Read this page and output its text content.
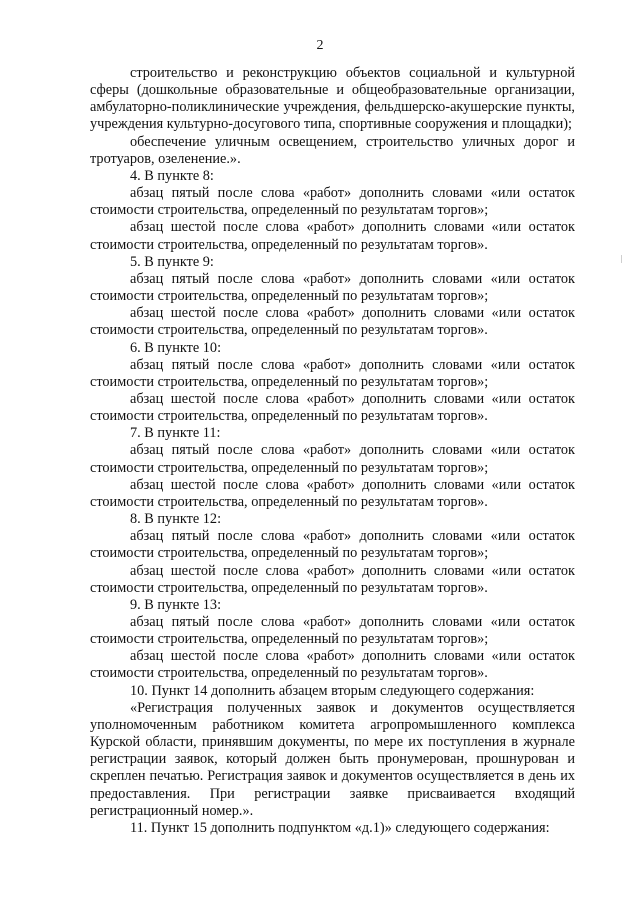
2

строительство и реконструкцию объектов социальной и культурной сферы (дошкольные образовательные и общеобразовательные организации, амбулаторно-поликлинические учреждения, фельдшерско-акушерские пункты, учреждения культурно-досугового типа, спортивные сооружения и площадки);

обеспечение уличным освещением, строительство уличных дорог и тротуаров, озеленение.».

4. В пункте 8:

абзац пятый после слова «работ» дополнить словами «или остаток стоимости строительства, определенный по результатам торгов»;

абзац шестой после слова «работ» дополнить словами «или остаток стоимости строительства, определенный по результатам торгов».

5. В пункте 9:

абзац пятый после слова «работ» дополнить словами «или остаток стоимости строительства, определенный по результатам торгов»;

абзац шестой после слова «работ» дополнить словами «или остаток стоимости строительства, определенный по результатам торгов».

6. В пункте 10:

абзац пятый после слова «работ» дополнить словами «или остаток стоимости строительства, определенный по результатам торгов»;

абзац шестой после слова «работ» дополнить словами «или остаток стоимости строительства, определенный по результатам торгов».

7. В пункте 11:

абзац пятый после слова «работ» дополнить словами «или остаток стоимости строительства, определенный по результатам торгов»;

абзац шестой после слова «работ» дополнить словами «или остаток стоимости строительства, определенный по результатам торгов».

8. В пункте 12:

абзац пятый после слова «работ» дополнить словами «или остаток стоимости строительства, определенный по результатам торгов»;

абзац шестой после слова «работ» дополнить словами «или остаток стоимости строительства, определенный по результатам торгов».

9. В пункте 13:

абзац пятый после слова «работ» дополнить словами «или остаток стоимости строительства, определенный по результатам торгов»;

абзац шестой после слова «работ» дополнить словами «или остаток стоимости строительства, определенный по результатам торгов».

10. Пункт 14 дополнить абзацем вторым следующего содержания:

«Регистрация полученных заявок и документов осуществляется уполномоченным работником комитета агропромышленного комплекса Курской области, принявшим документы, по мере их поступления в журнале регистрации заявок, который должен быть пронумерован, прошнурован и скреплен печатью. Регистрация заявок и документов осуществляется в день их предоставления. При регистрации заявке присваивается входящий регистрационный номер.».

11. Пункт 15 дополнить подпунктом «д.1)» следующего содержания:
